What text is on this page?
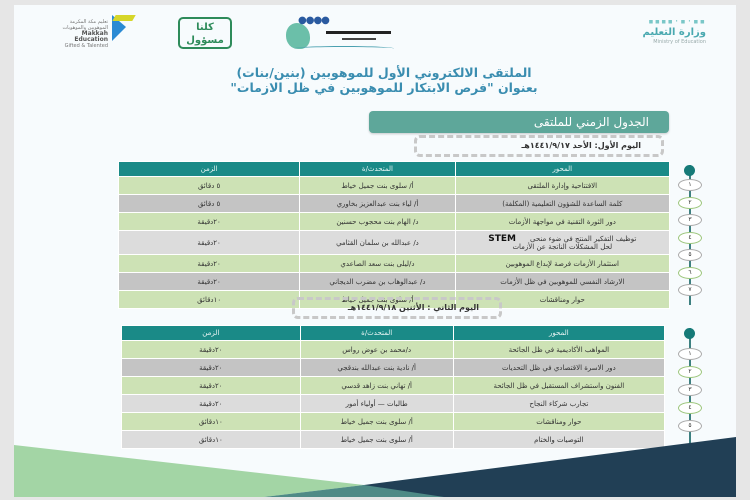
▪▪▪▪·▪·▪▪
وزارة التعليم
Ministry of Education
●●●●
كلنا
مسؤول
تعليم مكة المكرمة
الموهوبين والموهوبات
Makkah Education
Gifted & Talented
الملتقى الالكتروني الأول للموهوبين (بنين/بنات)
بعنوان "فرص الابتكار للموهوبين في ظل الازمات"
الجدول الزمني للملتقى
اليوم الأول: الأحد ١٤٤١/٩/١٧هـ
المحور	المتحدث/ة	الزمن
الافتتاحية وإدارة الملتقى	أ/ سلوى بنت جميل خياط	٥ دقائق
كلمة الساعدة للشؤون التعليمية (المكلفة)	أ/ لياء بنت عبدالعزيز بخاوري	٥ دقائق
دور الثورة التقنية في مواجهة الأزمات	د/ الهام بنت محجوب حسنين	٢٠دقيقة

توظيف التفكير المنتج في ضوء منحىSTEM
لحل المشكلات الناتجة عن الأزمات	د/ عبدالله بن سلمان القثامي	٢٠دقيقة
استثمار الأزمات فرصة لإبداع الموهوبين	د/ليلى بنت سعد الصاعدي	٢٠دقيقة
الارشاد النفسي للموهوبين في ظل الأزمات	د/ عبدالوهاب بن مضرب الديجاني	٢٠دقيقة
حوار ومناقشات	أ/ سلوى بنت جميل خياط	١٠دقائق
١
٢
٣
٤
٥
٦
٧
اليوم الثاني : الأثنين ١٤٤١/٩/١٨هـ
المحور	المتحدث/ة	الزمن
المواهب الأكاديمية في ظل الجائحة	د/محمد بن عوض رواس	٢٠دقيقة
دور الاسرة الاقتصادي في ظل التحديات	أ/ نادية بنت عبدالله بندقجي	٢٠دقيقة
الفنون واستشراف المستقبل في ظل الجائحة	أ/ تهاني بنت زاهد قدسي	٢٠دقيقة
تجارب شركاء النجاح	طالبات — أولياء أمور	٢٠دقيقة
حوار ومناقشات	أ/ سلوى بنت جميل خياط	١٠دقائق
التوصيات والختام	أ/ سلوى بنت جميل خياط	١٠دقائق
١
٢
٣
٤
٥
